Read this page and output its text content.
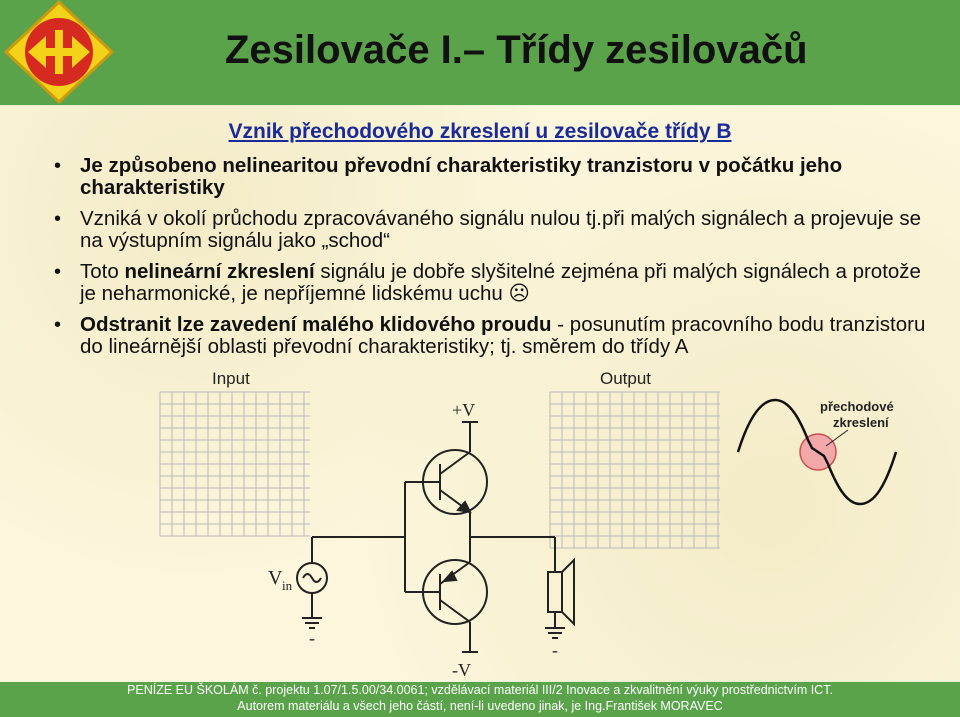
Zesilovače I.– Třídy zesilovačů
Vznik přechodového zkreslení u zesilovače třídy B
• Je způsobeno nelinearitou převodní charakteristiky tranzistoru v počátku jeho charakteristiky
• Vzniká v okolí průchodu zpracovávaného signálu nulou tj.při malých signálech a projevuje se na výstupním signálu jako „schod“
• Toto nelineární zkreslení signálu je dobře slyšitelné zejména při malých signálech a protože je neharmonické, je nepříjemné lidskému uchu ☹
• Odstranit lze zavedení malého klidového proudu - posunutím pracovního bodu tranzistoru do lineárnější oblasti převodní charakteristiky; tj. směrem do třídy A
Input	Output
+V
-V
V in
-
-
přechodové
zkreslení
PENÍZE EU ŠKOLÁM č. projektu 1.07/1.5.00/34.0061; vzdělávací materiál III/2 Inovace a zkvalitnění výuky prostřednictvím ICT.
Autorem materiálu a všech jeho částí, není-li uvedeno jinak, je Ing.František MORAVEC
